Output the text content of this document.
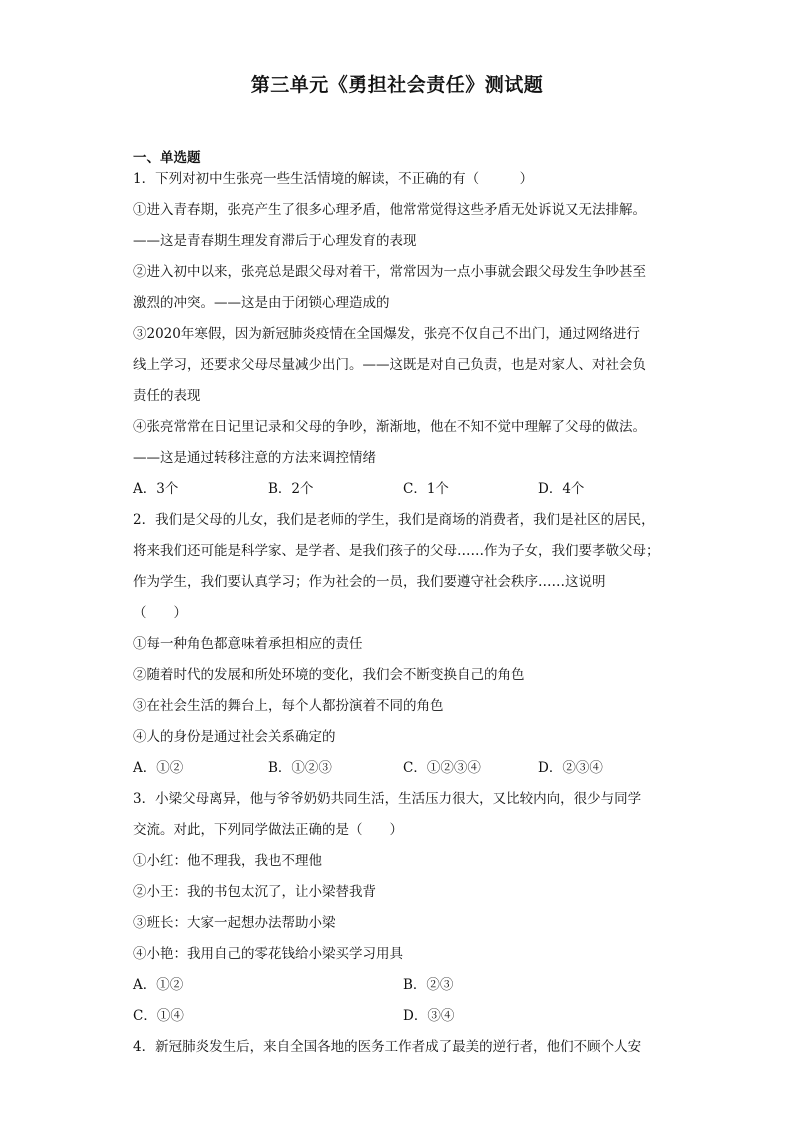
第三单元《勇担社会责任》测试题
一、单选题
1．下列对初中生张亮一些生活情境的解读，不正确的有（　　　）
①进入青春期，张亮产生了很多心理矛盾，他常常觉得这些矛盾无处诉说又无法排解。
——这是青春期生理发育滞后于心理发育的表现
②进入初中以来，张亮总是跟父母对着干，常常因为一点小事就会跟父母发生争吵甚至
激烈的冲突。——这是由于闭锁心理造成的
③2020年寒假，因为新冠肺炎疫情在全国爆发，张亮不仅自己不出门，通过网络进行
线上学习，还要求父母尽量减少出门。——这既是对自己负责，也是对家人、对社会负
责任的表现
④张亮常常在日记里记录和父母的争吵，渐渐地，他在不知不觉中理解了父母的做法。
——这是通过转移注意的方法来调控情绪
A．3个	B．2个	C．1个	D．4个
2．我们是父母的儿女，我们是老师的学生，我们是商场的消费者，我们是社区的居民，
将来我们还可能是科学家、是学者、是我们孩子的父母……作为子女，我们要孝敬父母；
作为学生，我们要认真学习；作为社会的一员，我们要遵守社会秩序……这说明
（　　）
①每一种角色都意味着承担相应的责任
②随着时代的发展和所处环境的变化，我们会不断变换自己的角色
③在社会生活的舞台上，每个人都扮演着不同的角色
④人的身份是通过社会关系确定的
A．①②	B．①②③	C．①②③④	D．②③④
3．小梁父母离异，他与爷爷奶奶共同生活，生活压力很大，又比较内向，很少与同学
交流。对此，下列同学做法正确的是（　　）
①小红：他不理我，我也不理他
②小王：我的书包太沉了，让小梁替我背
③班长：大家一起想办法帮助小梁
④小艳：我用自己的零花钱给小梁买学习用具
A．①②	B．②③
C．①④	D．③④
4．新冠肺炎发生后，来自全国各地的医务工作者成了最美的逆行者，他们不顾个人安
